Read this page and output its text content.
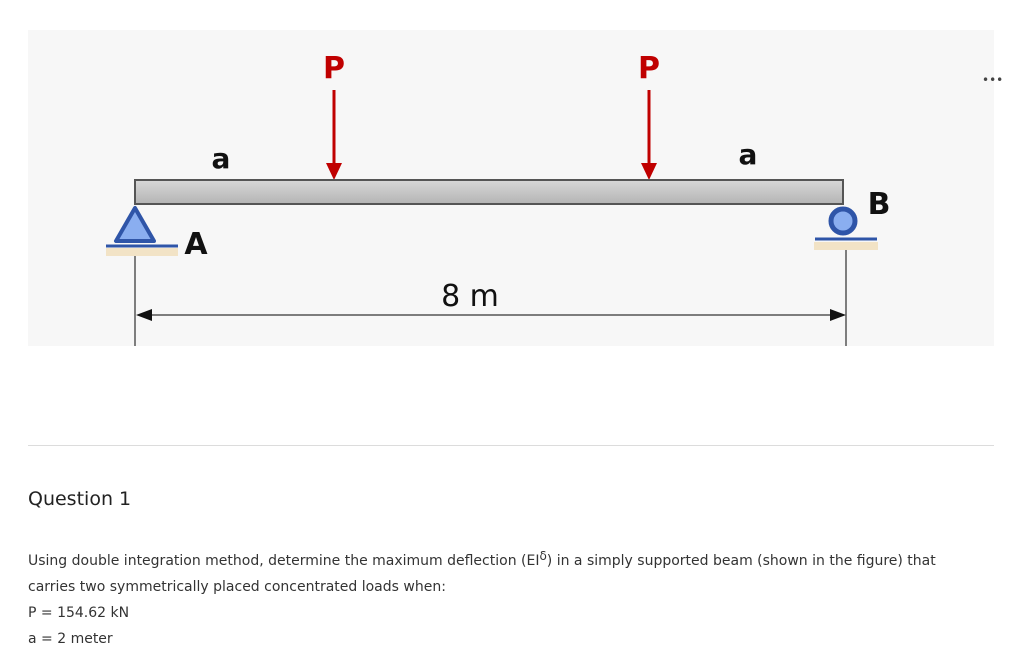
P	P
a	a
A
B
8 m
•••
Question 1
Using double integration method, determine the maximum deflection (EIδ) in a simply supported beam (shown in the figure) that
carries two symmetrically placed concentrated loads when:
P = 154.62 kN
a = 2 meter
